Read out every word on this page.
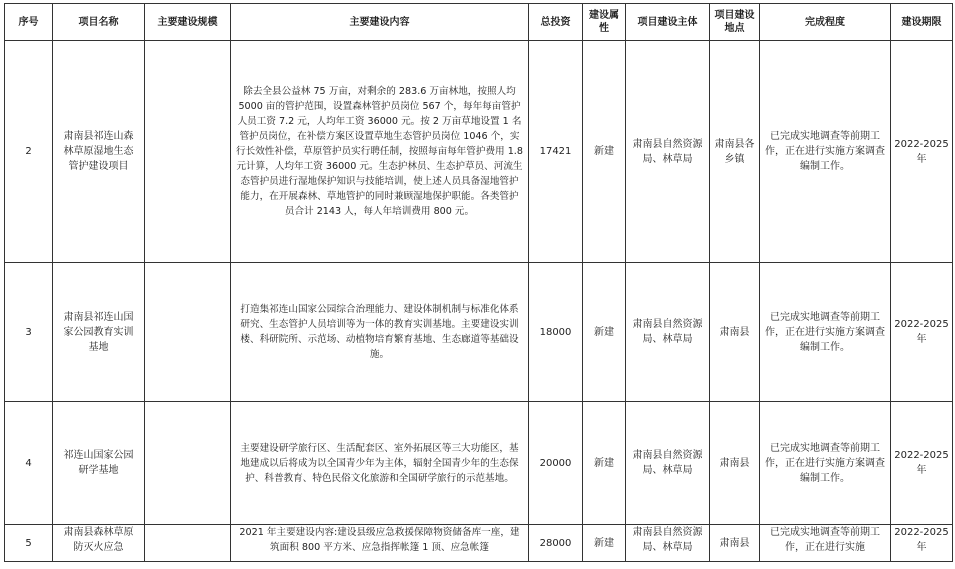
序号	项目名称	主要建设规模	主要建设内容	总投资	建设属性	项目建设主体	项目建设地点	完成程度	建设期限
2	肃南县祁连山森林草原湿地生态管护建设项目		除去全县公益林 75 万亩，对剩余的 283.6 万亩林地，按照人均 5000 亩的管护范围，设置森林管护员岗位 567 个，每年每亩管护人员工资 7.2 元，人均年工资 36000 元。按 2 万亩草地设置 1 名管护员岗位，在补偿方案区设置草地生态管护员岗位 1046 个，实行长效性补偿，草原管护员实行聘任制，按照每亩每年管护费用 1.8 元计算，人均年工资 36000 元。生态护林员、生态护草员、河流生态管护员进行湿地保护知识与技能培训，使上述人员具备湿地管护能力，在开展森林、草地管护的同时兼顾湿地保护职能。各类管护员合计 2143 人，每人年培训费用 800 元。	17421	新建	肃南县自然资源局、林草局	肃南县各乡镇	已完成实地调查等前期工作，正在进行实施方案调查编制工作。	2022-2025 年
3	肃南县祁连山国家公园教育实训基地		打造集祁连山国家公园综合治理能力、建设体制机制与标准化体系研究、生态管护人员培训等为一体的教育实训基地。主要建设实训楼、科研院所、示范场、动植物培育繁育基地、生态廊道等基础设施。	18000	新建	肃南县自然资源局、林草局	肃南县	已完成实地调查等前期工作，正在进行实施方案调查编制工作。	2022-2025 年
4	祁连山国家公园研学基地		主要建设研学旅行区、生活配套区、室外拓展区等三大功能区，基地建成以后将成为以全国青少年为主体，辐射全国青少年的生态保护、科普教育、特色民俗文化旅游和全国研学旅行的示范基地。	20000	新建	肃南县自然资源局、林草局	肃南县	已完成实地调查等前期工作，正在进行实施方案调查编制工作。	2022-2025 年
5	肃南县森林草原防灭火应急		2021 年主要建设内容:建设县级应急救援保障物资储备库一座，建筑面积 800 平方米、应急指挥帐篷 1 顶、应急帐篷	28000	新建	肃南县自然资源局、林草局	肃南县	已完成实地调查等前期工作，正在进行实施	2022-2025 年
